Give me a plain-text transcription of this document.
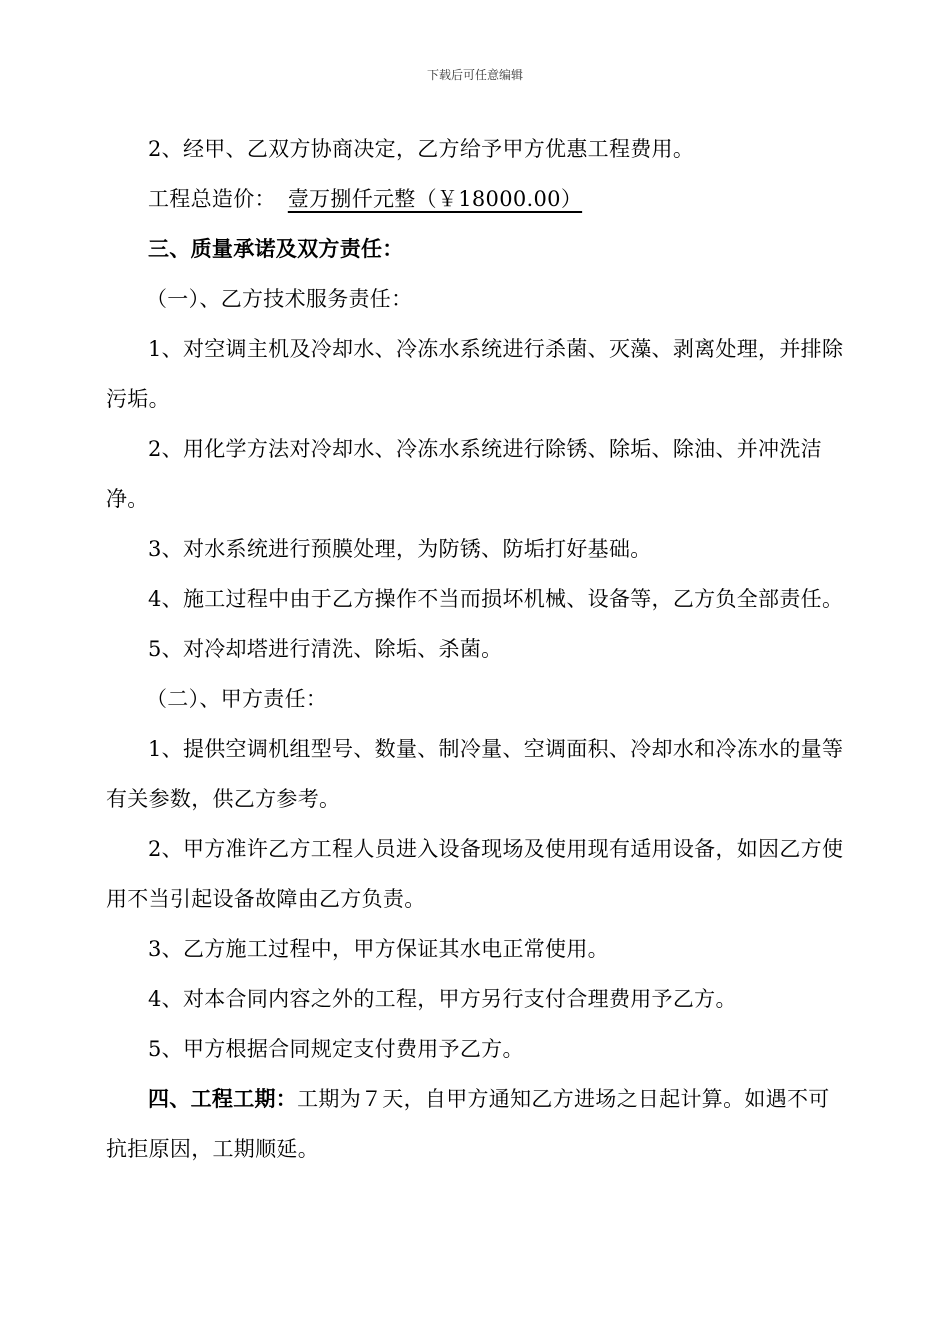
下载后可任意编辑

2、经甲、乙双方协商决定，乙方给予甲方优惠工程费用。

工程总造价： 壹万捌仟元整（￥18000.00）

三、质量承诺及双方责任：

（一）、乙方技术服务责任：

1、对空调主机及冷却水、冷冻水系统进行杀菌、灭藻、剥离处理，并排除污垢。

2、用化学方法对冷却水、冷冻水系统进行除锈、除垢、除油、并冲洗洁净。

3、对水系统进行预膜处理，为防锈、防垢打好基础。

4、施工过程中由于乙方操作不当而损坏机械、设备等，乙方负全部责任。

5、对冷却塔进行清洗、除垢、杀菌。

（二）、甲方责任：

1、提供空调机组型号、数量、制冷量、空调面积、冷却水和冷冻水的量等有关参数，供乙方参考。

2、甲方准许乙方工程人员进入设备现场及使用现有适用设备，如因乙方使用不当引起设备故障由乙方负责。

3、乙方施工过程中，甲方保证其水电正常使用。

4、对本合同内容之外的工程，甲方另行支付合理费用予乙方。

5、甲方根据合同规定支付费用予乙方。

四、工程工期：工期为７天，自甲方通知乙方进场之日起计算。如遇不可抗拒原因，工期顺延。
